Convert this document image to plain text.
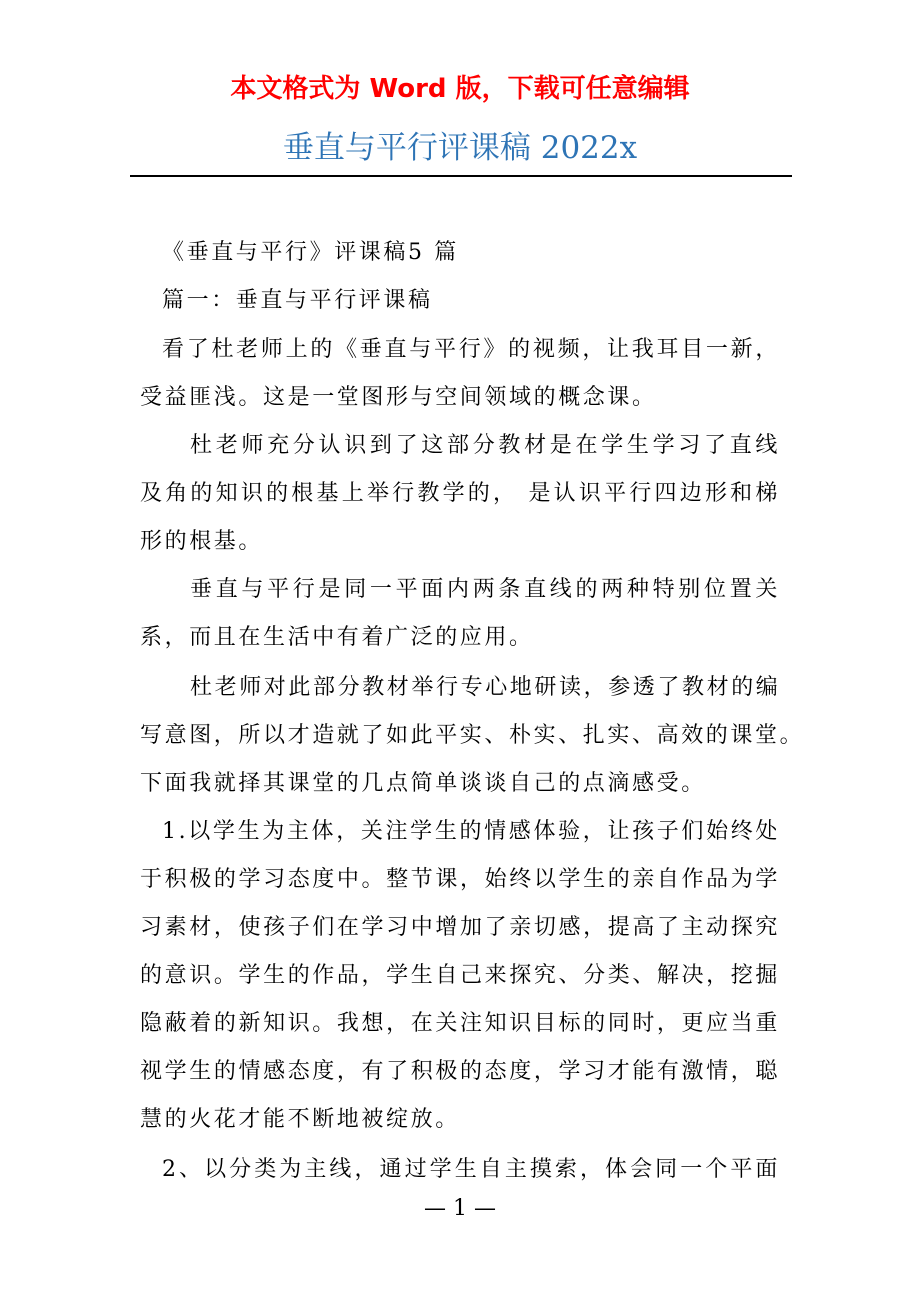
本文格式为 Word 版，下载可任意编辑
垂直与平行评课稿 2022x
《垂直与平行》评课稿5 篇
篇一：垂直与平行评课稿
看了杜老师上的《垂直与平行》的视频，让我耳目一新，
受益匪浅。这是一堂图形与空间领域的概念课。
杜老师充分认识到了这部分教材是在学生学习了直线
及角的知识的根基上举行教学的， 是认识平行四边形和梯
形的根基。
垂直与平行是同一平面内两条直线的两种特别位置关
系，而且在生活中有着广泛的应用。
杜老师对此部分教材举行专心地研读，参透了教材的编
写意图，所以才造就了如此平实、朴实、扎实、高效的课堂。
下面我就择其课堂的几点简单谈谈自己的点滴感受。
1.以学生为主体，关注学生的情感体验，让孩子们始终处
于积极的学习态度中。整节课，始终以学生的亲自作品为学
习素材，使孩子们在学习中增加了亲切感，提高了主动探究
的意识。学生的作品，学生自己来探究、分类、解决，挖掘
隐蔽着的新知识。我想，在关注知识目标的同时，更应当重
视学生的情感态度，有了积极的态度，学习才能有激情，聪
慧的火花才能不断地被绽放。
2、以分类为主线，通过学生自主摸索，体会同一个平面
— 1 —
